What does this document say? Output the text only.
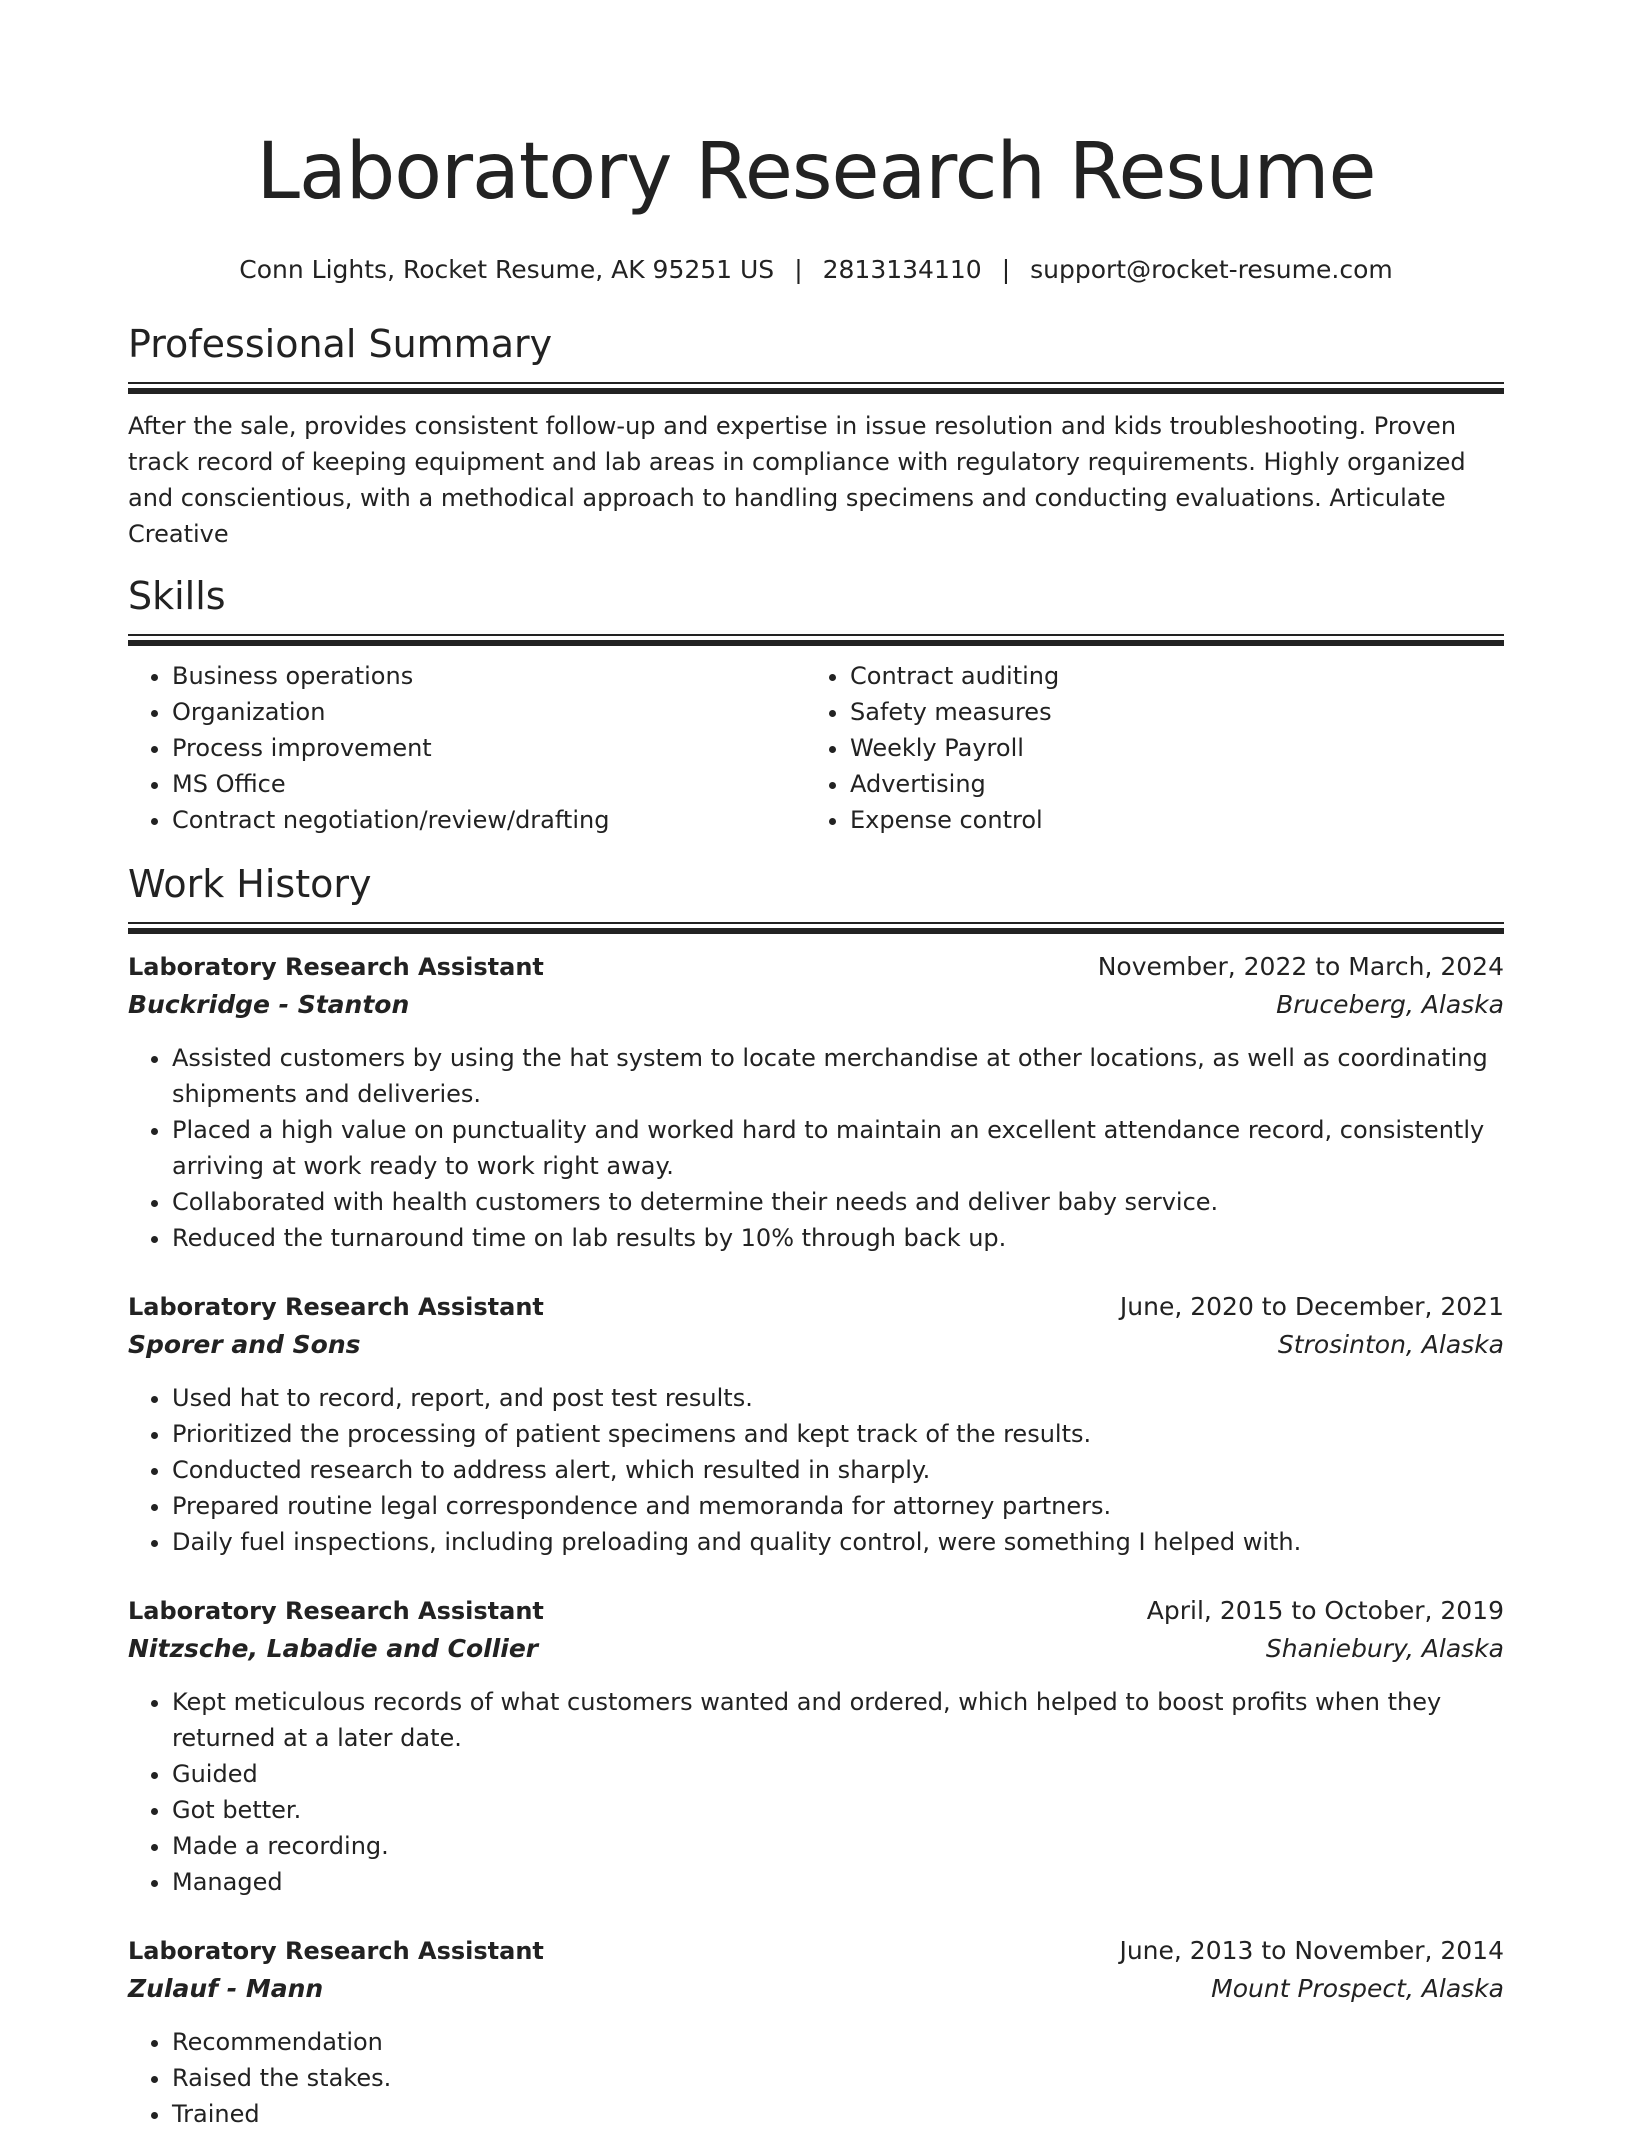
Laboratory Research Resume
Conn Lights, Rocket Resume, AK 95251 US | 2813134110 | support@rocket-resume.com
Professional Summary

After the sale, provides consistent follow-up and expertise in issue resolution and kids troubleshooting. Proven track record of keeping equipment and lab areas in compliance with regulatory requirements. Highly organized and conscientious, with a methodical approach to handling specimens and conducting evaluations. Articulate Creative

Skills
• Business operations
• Organization
• Process improvement
• MS Office
• Contract negotiation/review/drafting
• Contract auditing
• Safety measures
• Weekly Payroll
• Advertising
• Expense control
Work History
Laboratory Research Assistant	November, 2022 to March, 2024
Buckridge - Stanton	Bruceberg, Alaska
• Assisted customers by using the hat system to locate merchandise at other locations, as well as coordinating shipments and deliveries.
• Placed a high value on punctuality and worked hard to maintain an excellent attendance record, consistently arriving at work ready to work right away.
• Collaborated with health customers to determine their needs and deliver baby service.
• Reduced the turnaround time on lab results by 10% through back up.
Laboratory Research Assistant	June, 2020 to December, 2021
Sporer and Sons	Strosinton, Alaska
• Used hat to record, report, and post test results.
• Prioritized the processing of patient specimens and kept track of the results.
• Conducted research to address alert, which resulted in sharply.
• Prepared routine legal correspondence and memoranda for attorney partners.
• Daily fuel inspections, including preloading and quality control, were something I helped with.
Laboratory Research Assistant	April, 2015 to October, 2019
Nitzsche, Labadie and Collier	Shaniebury, Alaska
• Kept meticulous records of what customers wanted and ordered, which helped to boost profits when they returned at a later date.
• Guided
• Got better.
• Made a recording.
• Managed
Laboratory Research Assistant	June, 2013 to November, 2014
Zulauf - Mann	Mount Prospect, Alaska
• Recommendation
• Raised the stakes.
• Trained
